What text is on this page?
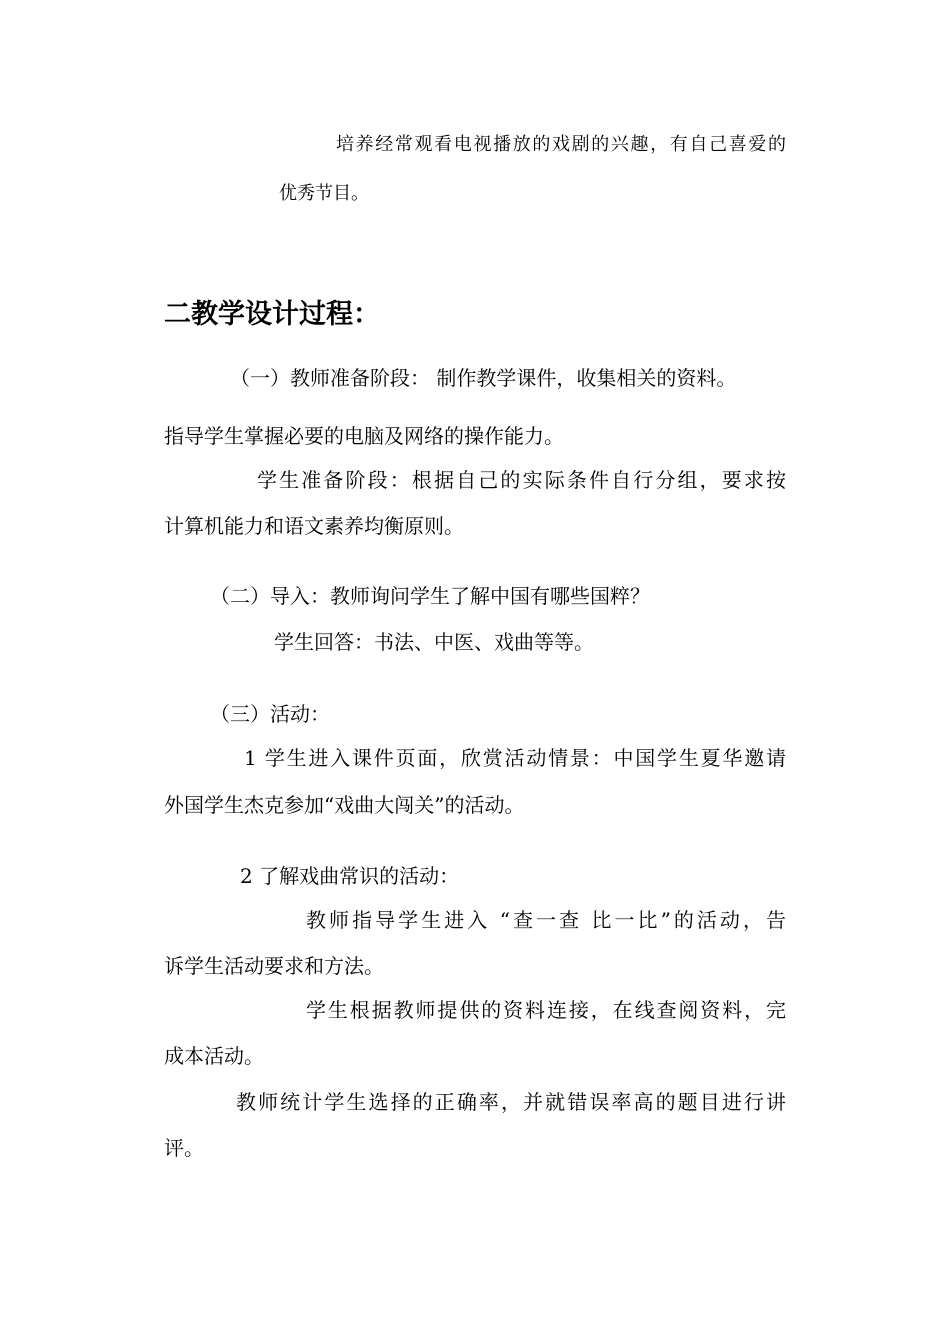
培养经常观看电视播放的戏剧的兴趣，有自己喜爱的
优秀节目。
二教学设计过程：
（一）教师准备阶段： 制作教学课件，收集相关的资料。
指导学生掌握必要的电脑及网络的操作能力。
学生准备阶段：根据自己的实际条件自行分组，要求按
计算机能力和语文素养均衡原则。
（二）导入：教师询问学生了解中国有哪些国粹？
学生回答：书法、中医、戏曲等等。
（三）活动：
1 学生进入课件页面，欣赏活动情景：中国学生夏华邀请
外国学生杰克参加“戏曲大闯关”的活动。
2 了解戏曲常识的活动：
教师指导学生进入 “查一查 比一比”的活动，告
诉学生活动要求和方法。
学生根据教师提供的资料连接，在线查阅资料，完
成本活动。
教师统计学生选择的正确率，并就错误率高的题目进行讲
评。
